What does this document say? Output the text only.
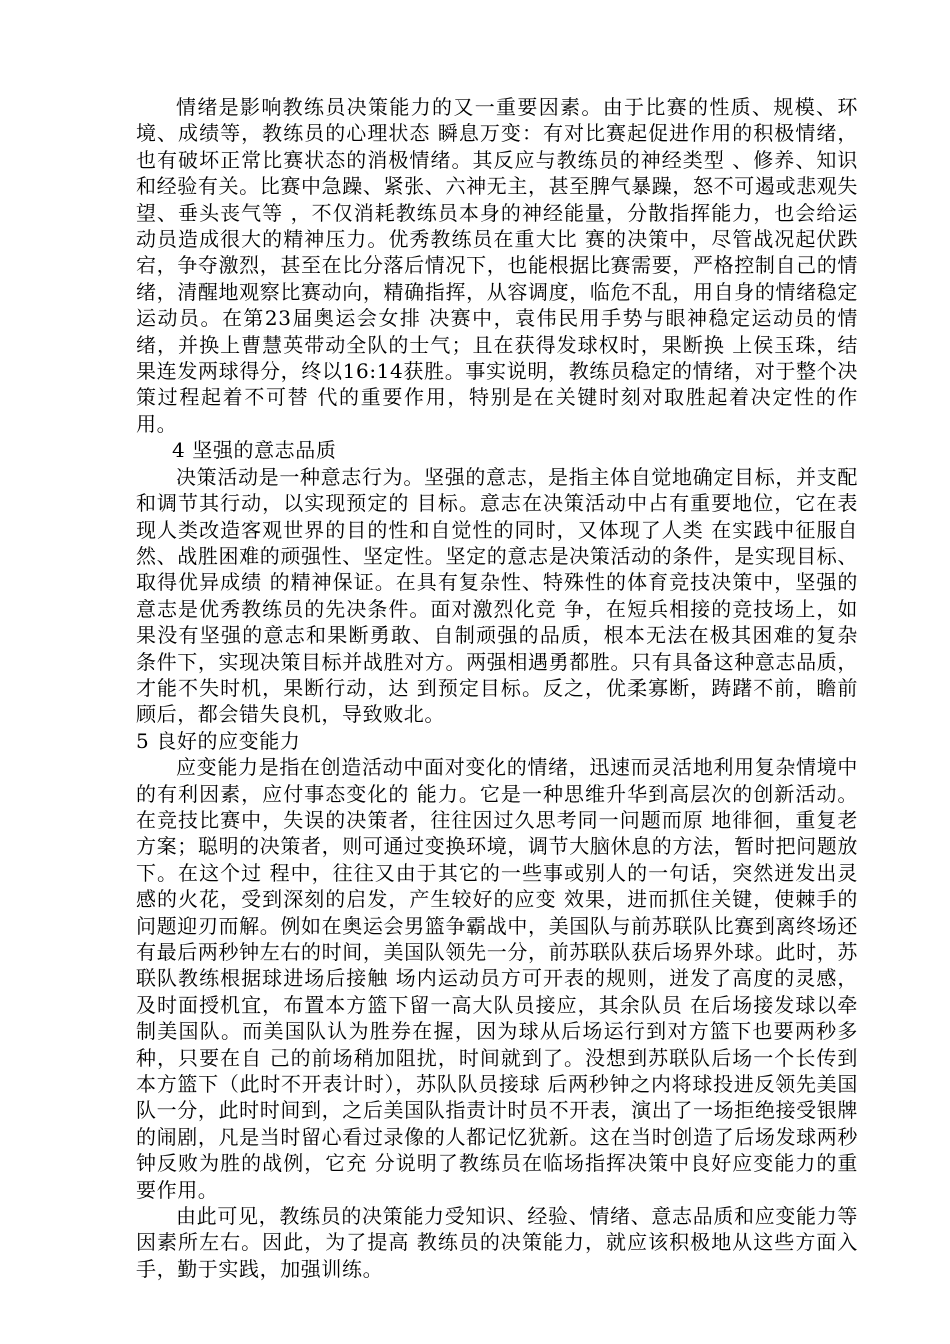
情绪是影响教练员决策能力的又一重要因素。由于比赛的性质、规模、环境、成绩等，教练员的心理状态 瞬息万变：有对比赛起促进作用的积极情绪，也有破坏正常比赛状态的消极情绪。其反应与教练员的神经类型 、修养、知识和经验有关。比赛中急躁、紧张、六神无主，甚至脾气暴躁，怒不可遏或悲观失望、垂头丧气等 ，不仅消耗教练员本身的神经能量，分散指挥能力，也会给运动员造成很大的精神压力。优秀教练员在重大比 赛的决策中，尽管战况起伏跌宕，争夺激烈，甚至在比分落后情况下，也能根据比赛需要，严格控制自己的情 绪，清醒地观察比赛动向，精确指挥，从容调度，临危不乱，用自身的情绪稳定运动员。在第23届奥运会女排 决赛中，袁伟民用手势与眼神稳定运动员的情绪，并换上曹慧英带动全队的士气；且在获得发球权时，果断换 上侯玉珠，结果连发两球得分，终以16:14获胜。事实说明，教练员稳定的情绪，对于整个决策过程起着不可替 代的重要作用，特别是在关键时刻对取胜起着决定性的作用。

4 坚强的意志品质

决策活动是一种意志行为。坚强的意志，是指主体自觉地确定目标，并支配和调节其行动，以实现预定的 目标。意志在决策活动中占有重要地位，它在表现人类改造客观世界的目的性和自觉性的同时，又体现了人类 在实践中征服自然、战胜困难的顽强性、坚定性。坚定的意志是决策活动的条件，是实现目标、取得优异成绩 的精神保证。在具有复杂性、特殊性的体育竞技决策中，坚强的意志是优秀教练员的先决条件。面对激烈化竞 争，在短兵相接的竞技场上，如果没有坚强的意志和果断勇敢、自制顽强的品质，根本无法在极其困难的复杂 条件下，实现决策目标并战胜对方。两强相遇勇都胜。只有具备这种意志品质，才能不失时机，果断行动，达 到预定目标。反之，优柔寡断，踌躇不前，瞻前顾后，都会错失良机，导致败北。

5 良好的应变能力

应变能力是指在创造活动中面对变化的情绪，迅速而灵活地利用复杂情境中的有利因素，应付事态变化的 能力。它是一种思维升华到高层次的创新活动。在竞技比赛中，失误的决策者，往往因过久思考同一问题而原 地徘徊，重复老方案；聪明的决策者，则可通过变换环境，调节大脑休息的方法，暂时把问题放下。在这个过 程中，往往又由于其它的一些事或别人的一句话，突然迸发出灵感的火花，受到深刻的启发，产生较好的应变 效果，进而抓住关键，使棘手的问题迎刃而解。例如在奥运会男篮争霸战中，美国队与前苏联队比赛到离终场还有最后两秒钟左右的时间，美国队领先一分，前苏联队获后场界外球。此时，苏联队教练根据球进场后接触 场内运动员方可开表的规则，迸发了高度的灵感，及时面授机宜，布置本方篮下留一高大队员接应，其余队员 在后场接发球以牵制美国队。而美国队认为胜券在握，因为球从后场运行到对方篮下也要两秒多种，只要在自 己的前场稍加阻扰，时间就到了。没想到苏联队后场一个长传到本方篮下（此时不开表计时），苏队队员接球 后两秒钟之内将球投进反领先美国队一分，此时时间到，之后美国队指责计时员不开表，演出了一场拒绝接受银牌的闹剧，凡是当时留心看过录像的人都记忆犹新。这在当时创造了后场发球两秒钟反败为胜的战例，它充 分说明了教练员在临场指挥决策中良好应变能力的重要作用。

由此可见，教练员的决策能力受知识、经验、情绪、意志品质和应变能力等因素所左右。因此，为了提高 教练员的决策能力，就应该积极地从这些方面入手，勤于实践，加强训练。
